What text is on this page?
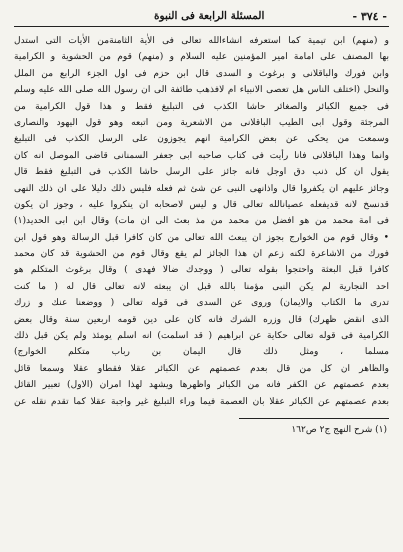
- ٣٧٤ -
المسئلة الرابعة فى النبوة
و (منهم) ابن تيمية كما استعرفه انشاءالله تعالى فى الاٰية الثامنةمن الاٰيات التى استدل
بها المصنف على امامة امير المؤمنين عليه السلام و (منهم) قوم من الحشوية و الكرامية
وابن فورك والباقلانى و برغوث و السدى قال ابن حزم فى اول الجزء الرابع من الملل
والنحل (اختلف الناس هل تعصى الانبياء ام لافذهب طائفة الى ان رسول الله صلى الله عليه وسلم
فى جميع الكبائر والصغائر حاشا الكذب فى التبليغ فقط و هذا قول الكرامية من
المرجئة وقول ابى الطيب الباقلانى من الاشعرية ومن اتبعه وهو قول اليهود والنصارى
وسمعت من يحكى عن بعض الكرامية انهم يجوزون على الرسل الكذب فى التبليغ
وانما وهذا الباقلانى فانا رأيت فى كتاب صاحبه ابى جعفر السمنانى قاضى الموصل انه كان
يقول ان كل ذنب دق اوجل فانه جائز على الرسل حاشا الكذب فى التبليغ فقط قال
وجائز عليهم ان يكفروا قال واذانهى النبى عن شئ ثم فعله فليس ذلك دليلا على ان ذلك النهى
قدنسخ لانه قديفعله عصيانالله تعالى قال و ليس لاصحابه ان ينكروا عليه ، وجوز ان يكون
فى امة محمد من هو افضل من محمد من مذ بعث الى ان مات) وقال ابن ابى الحديد(١)
• وقال قوم من الخوارج بجوز ان يبعث الله تعالى من كان كافرا قبل الرسالة وهو قول ابن
فورك من الاشاعرة لكنه زعم ان هذا الجائز لم يقع وقال قوم من الحشوية قد كان محمد
كافرا قبل البعثة واحتجوا بقوله تعالى ( ووجدك ضالا فهدى ) وقال برغوث المتكلم هو
احد النجارية لم يكن النبى مؤمنا بالله قبل ان يبعثه لانه تعالى قال له ( ما كنت
تدرى ما الكتاب والايمان) وروى عن السدى فى قوله تعالى ( ووضعنا عنك و زرك
الذى انقض ظهرك) قال وزره الشرك فانه كان على دين قومه اربعين سنة وقال بعض
الكرامية فى قوله تعالى حكاية عن ابراهيم ( قد اسلمت) انه اسلم يومئذ ولم يكن قبل ذلك
مسلما ، ومثل ذلك قال اليمان بن رباب متكلم الخوارج)
والظاهر ان كل من قال بعدم عصمتهم عن الكبائر عقلا فقطاو عقلا وسمعا قائل
بعدم عصمتهم عن الكفر فانه من الكبائر واظهرها ويشهد لهذا امران (الاول) تعبير القائل
بعدم عصمتهم عن الكبائر عقلا بان العصمة فيما وراء التبليغ غير واجبة عقلا كما تقدم نقله عن
(١) شرح النهج ج٢ ص١٦٢
